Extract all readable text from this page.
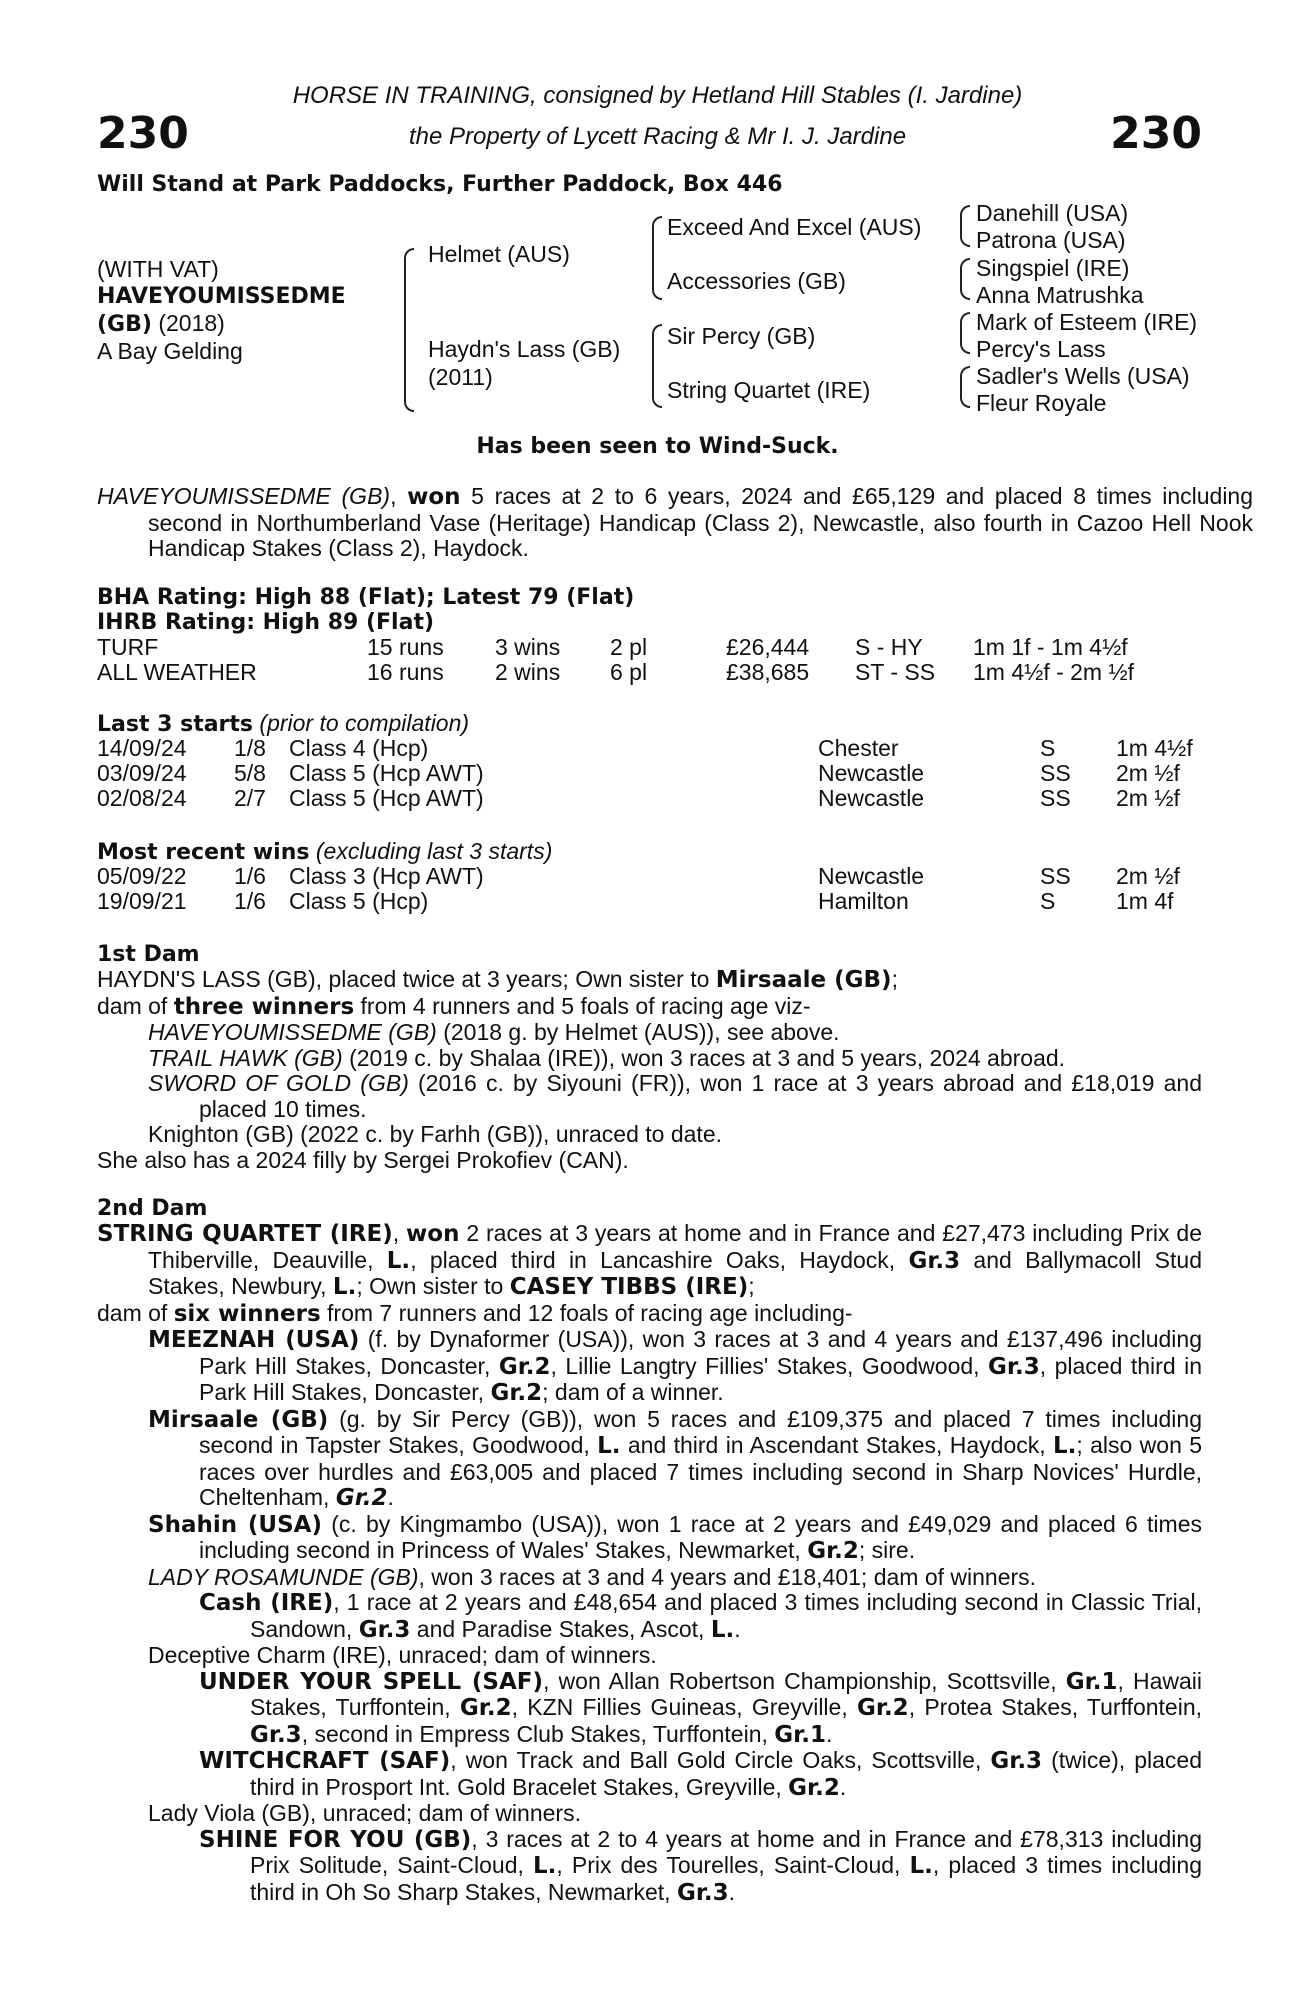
230	230
HORSE IN TRAINING, consigned by Hetland Hill Stables (I. Jardine)
the Property of Lycett Racing & Mr I. J. Jardine
Will Stand at Park Paddocks, Further Paddock, Box 446
(WITH VAT)
HAVEYOUMISSEDME
(GB) (2018)
A Bay Gelding
Helmet (AUS)
Haydn's Lass (GB)
(2011)
Exceed And Excel (AUS)
Accessories (GB)
Sir Percy (GB)
String Quartet (IRE)
Danehill (USA)
Patrona (USA)
Singspiel (IRE)
Anna Matrushka
Mark of Esteem (IRE)
Percy's Lass
Sadler's Wells (USA)
Fleur Royale
Has been seen to Wind-Suck.
HAVEYOUMISSEDME (GB), won 5 races at 2 to 6 years, 2024 and £65,129 and placed 8 times including second in Northumberland Vase (Heritage) Handicap (Class 2), Newcastle, also fourth in Cazoo Hell Nook Handicap Stakes (Class 2), Haydock.
BHA Rating: High 88 (Flat); Latest 79 (Flat)
IHRB Rating: High 89 (Flat)
TURF	15 runs 3 wins 2 pl	£26,444 S - HY 1m 1f - 1m 4½f
ALL WEATHER	16 runs 2 wins 6 pl	£38,685 ST - SS 1m 4½f - 2m ½f
Last 3 starts (prior to compilation)
14/09/24 1/8 Class 4 (Hcp)	Chester	S	1m 4½f
03/09/24 5/8 Class 5 (Hcp AWT)	Newcastle	SS 2m ½f
02/08/24 2/7 Class 5 (Hcp AWT)	Newcastle	SS 2m ½f
Most recent wins (excluding last 3 starts)
05/09/22 1/6 Class 3 (Hcp AWT)	Newcastle	SS 2m ½f
19/09/21 1/6 Class 5 (Hcp)	Hamilton	S	1m 4f
1st Dam

HAYDN'S LASS (GB), placed twice at 3 years; Own sister to Mirsaale (GB);

dam of three winners from 4 runners and 5 foals of racing age viz-

HAVEYOUMISSEDME (GB) (2018 g. by Helmet (AUS)), see above.

TRAIL HAWK (GB) (2019 c. by Shalaa (IRE)), won 3 races at 3 and 5 years, 2024 abroad.

SWORD OF GOLD (GB) (2016 c. by Siyouni (FR)), won 1 race at 3 years abroad and £18,019 and placed 10 times.

Knighton (GB) (2022 c. by Farhh (GB)), unraced to date.

She also has a 2024 filly by Sergei Prokofiev (CAN).

2nd Dam

STRING QUARTET (IRE), won 2 races at 3 years at home and in France and £27,473 including Prix de Thiberville, Deauville, L., placed third in Lancashire Oaks, Haydock, Gr.3 and Ballymacoll Stud Stakes, Newbury, L.; Own sister to CASEY TIBBS (IRE);

dam of six winners from 7 runners and 12 foals of racing age including-

MEEZNAH (USA) (f. by Dynaformer (USA)), won 3 races at 3 and 4 years and £137,496 including Park Hill Stakes, Doncaster, Gr.2, Lillie Langtry Fillies' Stakes, Goodwood, Gr.3, placed third in Park Hill Stakes, Doncaster, Gr.2; dam of a winner.

Mirsaale (GB) (g. by Sir Percy (GB)), won 5 races and £109,375 and placed 7 times including second in Tapster Stakes, Goodwood, L. and third in Ascendant Stakes, Haydock, L.; also won 5 races over hurdles and £63,005 and placed 7 times including second in Sharp Novices' Hurdle, Cheltenham, Gr.2.

Shahin (USA) (c. by Kingmambo (USA)), won 1 race at 2 years and £49,029 and placed 6 times including second in Princess of Wales' Stakes, Newmarket, Gr.2; sire.

LADY ROSAMUNDE (GB), won 3 races at 3 and 4 years and £18,401; dam of winners.

Cash (IRE), 1 race at 2 years and £48,654 and placed 3 times including second in Classic Trial, Sandown, Gr.3 and Paradise Stakes, Ascot, L..

Deceptive Charm (IRE), unraced; dam of winners.

UNDER YOUR SPELL (SAF), won Allan Robertson Championship, Scottsville, Gr.1, Hawaii Stakes, Turffontein, Gr.2, KZN Fillies Guineas, Greyville, Gr.2, Protea Stakes, Turffontein, Gr.3, second in Empress Club Stakes, Turffontein, Gr.1.

WITCHCRAFT (SAF), won Track and Ball Gold Circle Oaks, Scottsville, Gr.3 (twice), placed third in Prosport Int. Gold Bracelet Stakes, Greyville, Gr.2.

Lady Viola (GB), unraced; dam of winners.

SHINE FOR YOU (GB), 3 races at 2 to 4 years at home and in France and £78,313 including Prix Solitude, Saint-Cloud, L., Prix des Tourelles, Saint-Cloud, L., placed 3 times including third in Oh So Sharp Stakes, Newmarket, Gr.3.
